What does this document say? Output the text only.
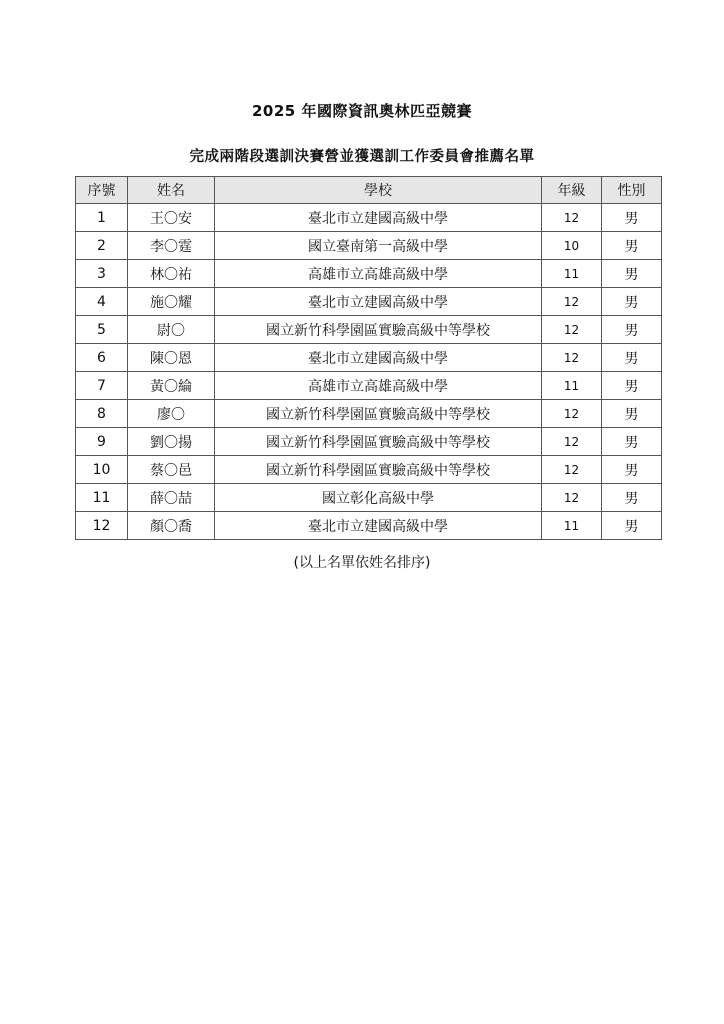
2025 年國際資訊奧林匹亞競賽
完成兩階段選訓決賽營並獲選訓工作委員會推薦名單
序號	姓名	學校	年級	性別
1	王〇安	臺北市立建國高級中學	12	男
2	李〇霆	國立臺南第一高級中學	10	男
3	林〇祐	高雄市立高雄高級中學	11	男
4	施〇耀	臺北市立建國高級中學	12	男
5	尉〇	國立新竹科學園區實驗高級中等學校	12	男
6	陳〇恩	臺北市立建國高級中學	12	男
7	黃〇綸	高雄市立高雄高級中學	11	男
8	廖〇	國立新竹科學園區實驗高級中等學校	12	男
9	劉〇揚	國立新竹科學園區實驗高級中等學校	12	男
10	蔡〇邑	國立新竹科學園區實驗高級中等學校	12	男
11	薛〇喆	國立彰化高級中學	12	男
12	顏〇喬	臺北市立建國高級中學	11	男
(以上名單依姓名排序)
